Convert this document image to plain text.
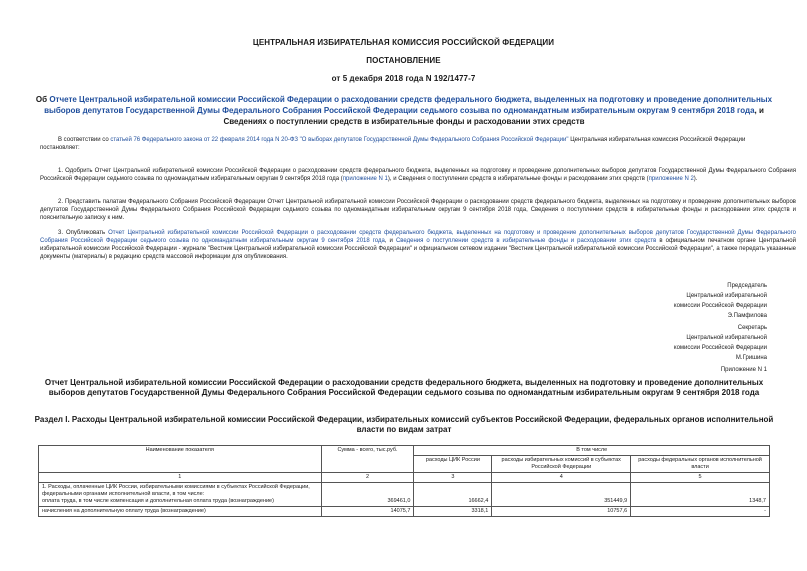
ЦЕНТРАЛЬНАЯ ИЗБИРАТЕЛЬНАЯ КОМИССИЯ РОССИЙСКОЙ ФЕДЕРАЦИИ
ПОСТАНОВЛЕНИЕ
от 5 декабря 2018 года N 192/1477-7
Об Отчете Центральной избирательной комиссии Российской Федерации о расходовании средств федерального бюджета, выделенных на подготовку и проведение дополнительных выборов депутатов Государственной Думы Федерального Собрания Российской Федерации седьмого созыва по одномандатным избирательным округам 9 сентября 2018 года, и Сведениях о поступлении средств в избирательные фонды и расходовании этих средств
В соответствии со статьей 76 Федерального закона от 22 февраля 2014 года N 20-ФЗ "О выборах депутатов Государственной Думы Федерального Собрания Российской Федерации" Центральная избирательная комиссия Российской Федерации
постановляет:
1. Одобрить Отчет Центральной избирательной комиссии Российской Федерации о расходовании средств федерального бюджета, выделенных на подготовку и проведение дополнительных выборов депутатов Государственной Думы Федерального Собрания Российской Федерации седьмого созыва по одномандатным избирательным округам 9 сентября 2018 года (приложение N 1), и Сведения о поступлении средств в избирательные фонды и расходовании этих средств (приложение N 2).
2. Представить палатам Федерального Собрания Российской Федерации Отчет Центральной избирательной комиссии Российской Федерации о расходовании средств федерального бюджета, выделенных на подготовку и проведение дополнительных выборов депутатов Государственной Думы Федерального Собрания Российской Федерации седьмого созыва по одномандатным избирательным округам 9 сентября 2018 года, Сведения о поступлении средств в избирательные фонды и расходовании этих средств и пояснительную записку к ним.
3. Опубликовать Отчет Центральной избирательной комиссии Российской Федерации о расходовании средств федерального бюджета, выделенных на подготовку и проведение дополнительных выборов депутатов Государственной Думы Федерального Собрания Российской Федерации седьмого созыва по одномандатным избирательным округам 9 сентября 2018 года, и Сведения о поступлении средств в избирательные фонды и расходовании этих средств в официальном печатном органе Центральной избирательной комиссии Российской Федерации - журнале "Вестник Центральной избирательной комиссии Российской Федерации" и официальном сетевом издании "Вестник Центральной избирательной комиссии Российской Федерации", а также передать указанные документы (материалы) в редакцию средств массовой информации для опубликования.
Председатель
Центральной избирательной
комиссии Российской Федерации
Э.Памфилова
Секретарь
Центральной избирательной
комиссии Российской Федерации
М.Гришина
Приложение N 1
Отчет Центральной избирательной комиссии Российской Федерации о расходовании средств федерального бюджета, выделенных на подготовку и проведение дополнительных выборов депутатов Государственной Думы Федерального Собрания Российской Федерации седьмого созыва по одномандатным избирательным округам 9 сентября 2018 года
Раздел I. Расходы Центральной избирательной комиссии Российской Федерации, избирательных комиссий субъектов Российской Федерации, федеральных органов исполнительной власти по видам затрат
Наименование показателя	Сумма - всего, тыс.руб.	В том числе		
		расходы ЦИК России	расходы избирательных комиссий в субъектах Российской Федерации	расходы федеральных органов исполнительной власти
1	2	3	4	5

1. Расходы, оплаченные ЦИК России, избирательными комиссиями в субъектах Российской Федерации, федеральными органами исполнительной власти, в том числе:
оплата труда, в том числе компенсация и дополнительная оплата труда (вознаграждение)	369461,0	16662,4	351449,9	1348,7
начисления на дополнительную оплату труда (вознаграждение)	14075,7	3318,1	10757,6	-
